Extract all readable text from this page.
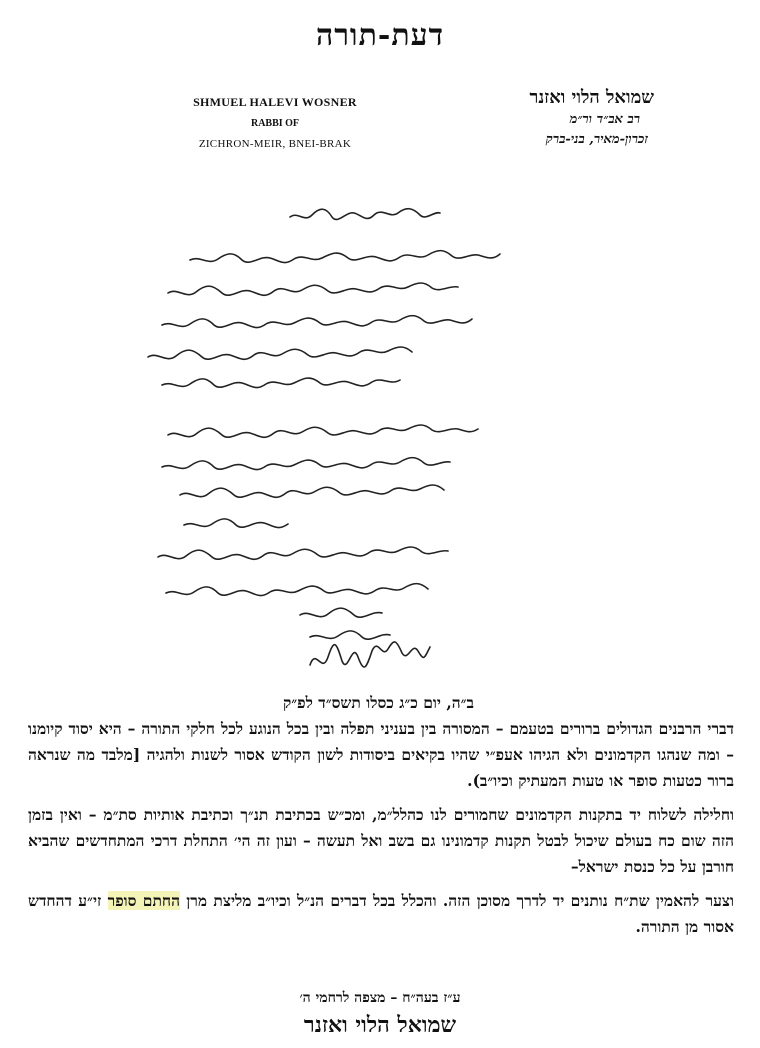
דעת-תורה
SHMUEL HALEVI WOSNER
RABBI OF
ZICHRON-MEIR, BNEI-BRAK
שמואל הלוי ואזנר
רב אב״ד ור״מ
זכרון-מאיר, בני-ברק

ב״ה, יום כ״ג כסלו תשס״ד לפ״ק

דברי הרבנים הגדולים ברורים בטעמם – המסורה בין בעניני תפלה ובין בכל הנוגע לכל חלקי התורה – היא יסוד קיומנו – ומה שנהגו הקדמונים ולא הגיהו אעפ״י שהיו בקיאים ביסודות לשון הקודש אסור לשנות ולהגיה [מלבד מה שנראה ברור כטעות סופר או טעות המעתיק וכיו״ב).

וחלילה לשלוח יד בתקנות הקדמונים שחמורים לנו כהלל״מ, ומכ״ש בכתיבת תנ״ך וכתיבת אותיות סת״מ – ואין בזמן הזה שום כח בעולם שיכול לבטל תקנות קדמונינו גם בשב ואל תעשה – ועון זה הי׳ התחלת דרכי המתחדשים שהביא חורבן על כל כנסת ישראל–

וצער להאמין שת״ח נותנים יד לדרך מסוכן הזה. והכלל בכל דברים הנ״ל וכיו״ב מליצת מרן החתם סופר זי״ע דהחדש אסור מן התורה.

ע״ז בעה״ח – מצפה לרחמי ה׳
שמואל הלוי ואזנר
